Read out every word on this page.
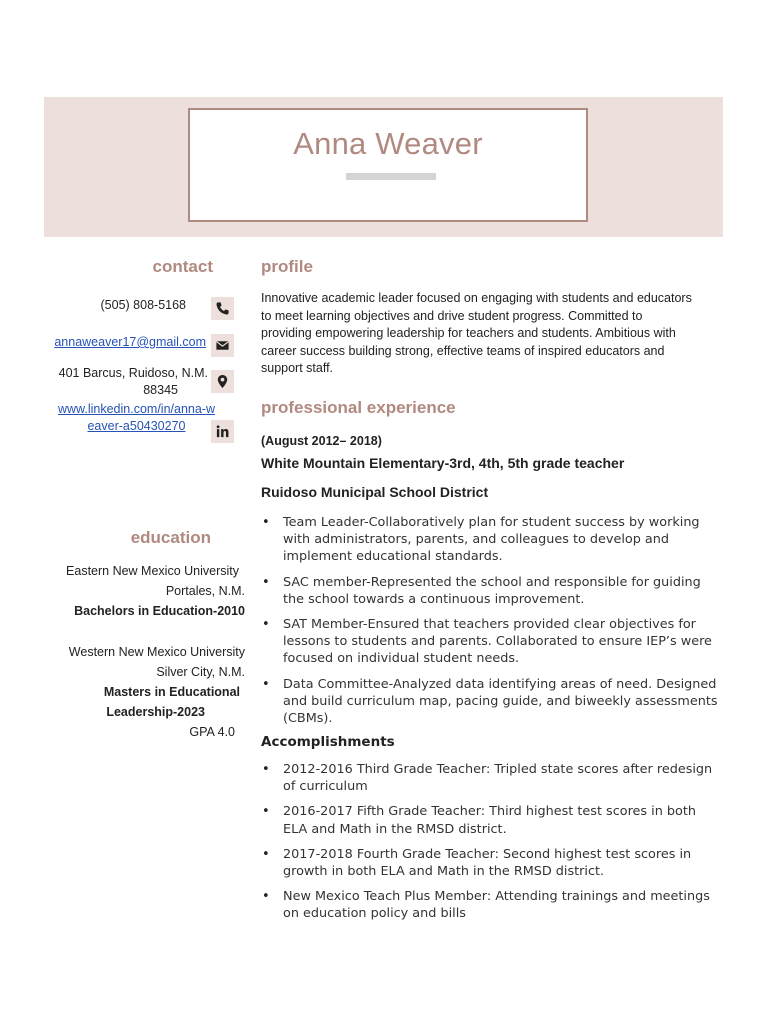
Anna Weaver
contact
(505) 808-5168
annaweaver17@gmail.com
401 Barcus, Ruidoso, N.M.
88345
www.linkedin.com/in/anna-w
eaver-a50430270
education
Eastern New Mexico University
Portales, N.M.
Bachelors in Education-2010
Western New Mexico University
Silver City, N.M.
Masters in Educational
Leadership-2023
GPA 4.0
profile
Innovative academic leader focused on engaging with students and educators
to meet learning objectives and drive student progress. Committed to
providing empowering leadership for teachers and students. Ambitious with
career success building strong, effective teams of inspired educators and
support staff.
professional experience
(August 2012– 2018)
White Mountain Elementary-3rd, 4th, 5th grade teacher
Ruidoso Municipal School District
• Team Leader-Collaboratively plan for student success by working with administrators, parents, and colleagues to develop and implement educational standards.
• SAC member-Represented the school and responsible for guiding the school towards a continuous improvement.
• SAT Member-Ensured that teachers provided clear objectives for lessons to students and parents. Collaborated to ensure IEP’s were focused on individual student needs.
• Data Committee-Analyzed data identifying areas of need. Designed and build curriculum map, pacing guide, and biweekly assessments (CBMs).
Accomplishments
• 2012-2016 Third Grade Teacher: Tripled state scores after redesign of curriculum
• 2016-2017 Fifth Grade Teacher: Third highest test scores in both ELA and Math in the RMSD district.
• 2017-2018 Fourth Grade Teacher: Second highest test scores in growth in both ELA and Math in the RMSD district.
• New Mexico Teach Plus Member: Attending trainings and meetings on education policy and bills
